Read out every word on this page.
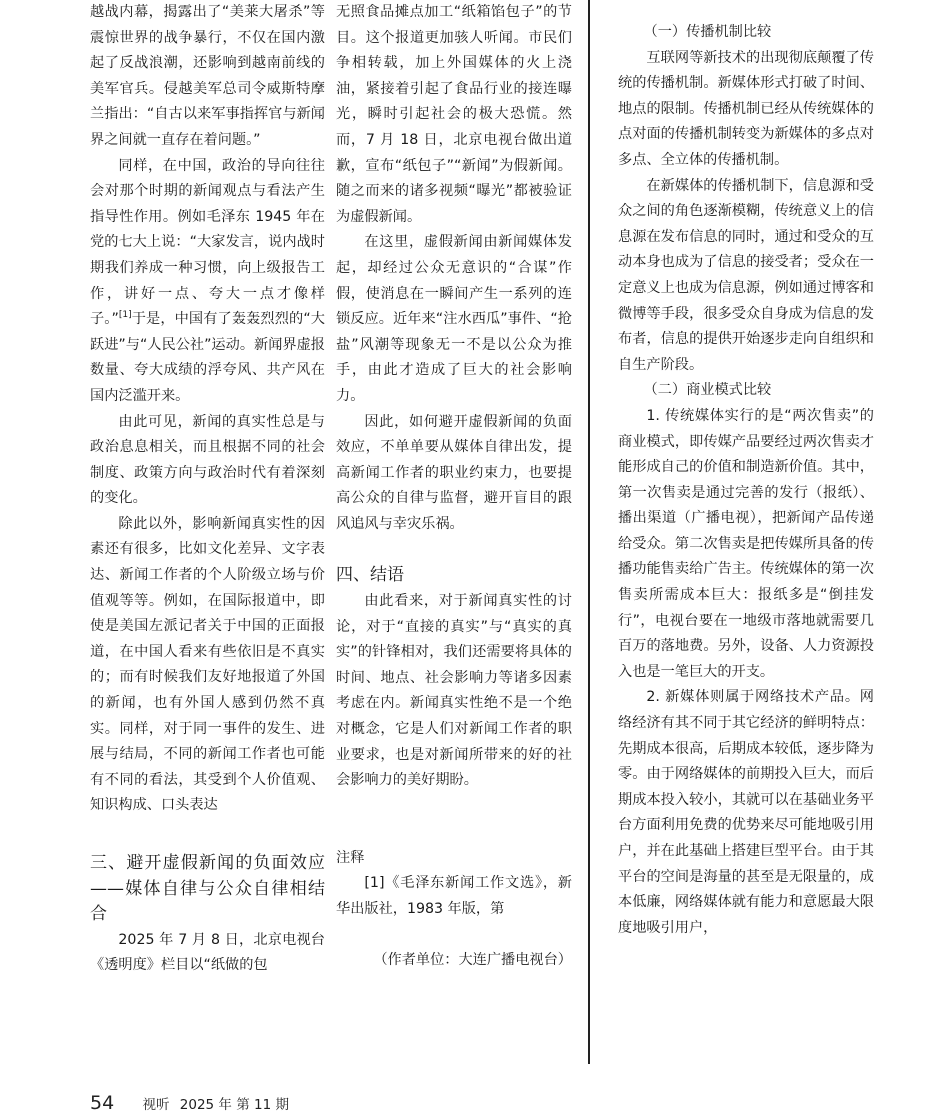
越战内幕，揭露出了“美莱大屠杀”等震惊世界的战争暴行，不仅在国内激起了反战浪潮，还影响到越南前线的美军官兵。侵越美军总司令威斯特摩兰指出：“自古以来军事指挥官与新闻界之间就一直存在着问题。”

同样，在中国，政治的导向往往会对那个时期的新闻观点与看法产生指导性作用。例如毛泽东 1945 年在党的七大上说：“大家发言，说内战时期我们养成一种习惯，向上级报告工作，讲好一点、夸大一点才像样子。”[1]于是，中国有了轰轰烈烈的“大跃进”与“人民公社”运动。新闻界虚报数量、夸大成绩的浮夸风、共产风在国内泛滥开来。

由此可见，新闻的真实性总是与政治息息相关，而且根据不同的社会制度、政策方向与政治时代有着深刻的变化。

除此以外，影响新闻真实性的因素还有很多，比如文化差异、文字表达、新闻工作者的个人阶级立场与价值观等等。例如，在国际报道中，即使是美国左派记者关于中国的正面报道，在中国人看来有些依旧是不真实的；而有时候我们友好地报道了外国的新闻，也有外国人感到仍然不真实。同样，对于同一事件的发生、进展与结局，不同的新闻工作者也可能有不同的看法，其受到个人价值观、知识构成、口头表达

三、避开虚假新闻的负面效应——媒体自律与公众自律相结合

2025 年 7 月 8 日，北京电视台《透明度》栏目以“纸做的包

无照食品摊点加工“纸箱馅包子”的节目。这个报道更加骇人听闻。市民们争相转载，加上外国媒体的火上浇油，紧接着引起了食品行业的接连曝光，瞬时引起社会的极大恐慌。然而，7 月 18 日，北京电视台做出道歉，宣布“纸包子”“新闻”为假新闻。随之而来的诸多视频“曝光”都被验证为虚假新闻。

在这里，虚假新闻由新闻媒体发起，却经过公众无意识的“合谋”作假，使消息在一瞬间产生一系列的连锁反应。近年来“注水西瓜”事件、“抢盐”风潮等现象无一不是以公众为推手，由此才造成了巨大的社会影响力。

因此，如何避开虚假新闻的负面效应，不单单要从媒体自律出发，提高新闻工作者的职业约束力，也要提高公众的自律与监督，避开盲目的跟风追风与幸灾乐祸。

四、结语

由此看来，对于新闻真实性的讨论，对于“直接的真实”与“真实的真实”的针锋相对，我们还需要将具体的时间、地点、社会影响力等诸多因素考虑在内。新闻真实性绝不是一个绝对概念，它是人们对新闻工作者的职业要求，也是对新闻所带来的好的社会影响力的美好期盼。

注释

[1]《毛泽东新闻工作文选》，新华出版社，1983 年版，第

（作者单位：大连广播电视台）

（一）传播机制比较

互联网等新技术的出现彻底颠覆了传统的传播机制。新媒体形式打破了时间、地点的限制。传播机制已经从传统媒体的点对面的传播机制转变为新媒体的多点对多点、全立体的传播机制。

在新媒体的传播机制下，信息源和受众之间的角色逐渐模糊，传统意义上的信息源在发布信息的同时，通过和受众的互动本身也成为了信息的接受者；受众在一定意义上也成为信息源，例如通过博客和微博等手段，很多受众自身成为信息的发布者，信息的提供开始逐步走向自组织和自生产阶段。

（二）商业模式比较

1. 传统媒体实行的是“两次售卖”的商业模式，即传媒产品要经过两次售卖才能形成自己的价值和制造新价值。其中，第一次售卖是通过完善的发行（报纸）、播出渠道（广播电视），把新闻产品传递给受众。第二次售卖是把传媒所具备的传播功能售卖给广告主。传统媒体的第一次售卖所需成本巨大：报纸多是“倒挂发行”，电视台要在一地级市落地就需要几百万的落地费。另外，设备、人力资源投入也是一笔巨大的开支。

2. 新媒体则属于网络技术产品。网络经济有其不同于其它经济的鲜明特点：先期成本很高，后期成本较低，逐步降为零。由于网络媒体的前期投入巨大，而后期成本投入较小，其就可以在基础业务平台方面利用免费的优势来尽可能地吸引用户，并在此基础上搭建巨型平台。由于其平台的空间是海量的甚至是无限量的，成本低廉，网络媒体就有能力和意愿最大限度地吸引用户，

54 视听 2025 年 第 11 期
